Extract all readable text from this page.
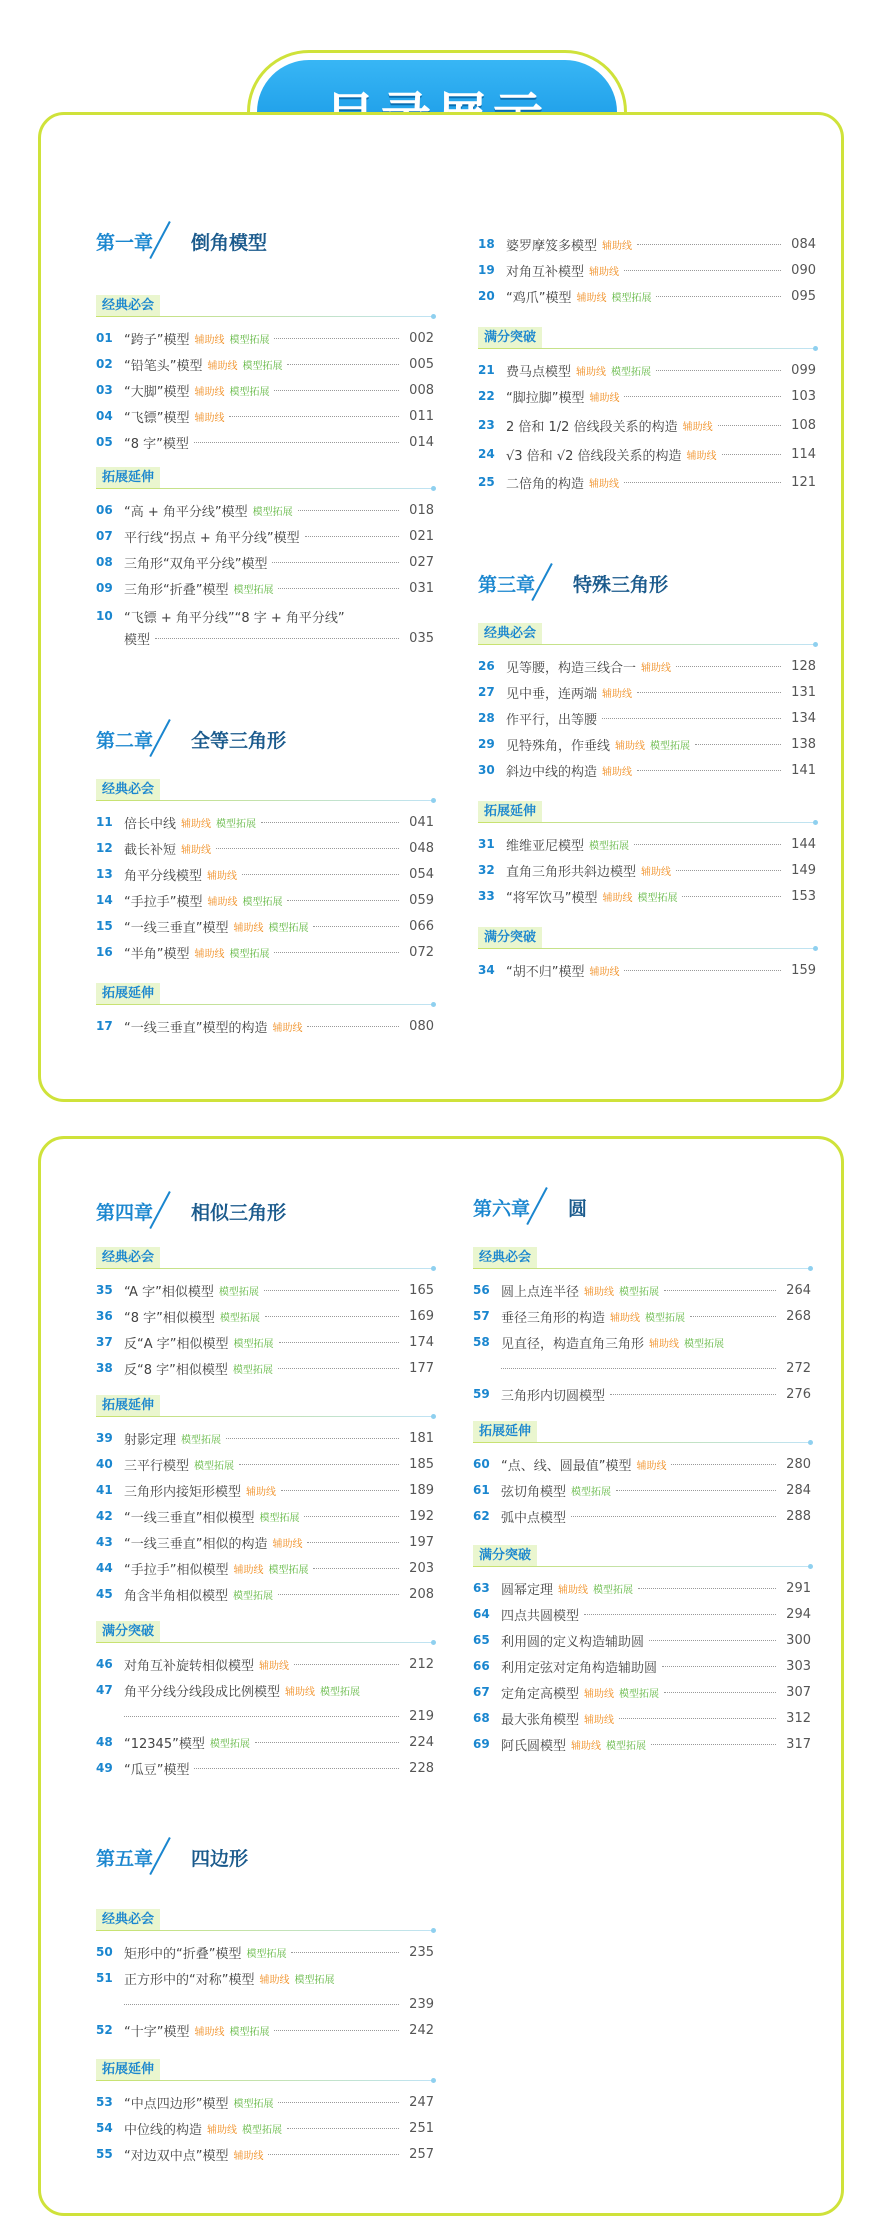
第一章 倒角模型
经典必会
01 “跨子”模型 辅助线 模型拓展	002
02 “铅笔头”模型 辅助线 模型拓展	005
03 “大脚”模型 辅助线 模型拓展	008
04 “飞镖”模型 辅助线	011
05 “8 字”模型	014
拓展延伸
06 “高 + 角平分线”模型 模型拓展	018
07 平行线“拐点 + 角平分线”模型	021
08 三角形“双角平分线”模型	027
09 三角形“折叠”模型 模型拓展	031
10 “飞镖 + 角平分线”“8 字 + 角平分线”
模型	035
第二章 全等三角形
经典必会
11 倍长中线 辅助线 模型拓展	041
12 截长补短 辅助线	048
13 角平分线模型 辅助线	054
14 “手拉手”模型 辅助线 模型拓展	059
15 “一线三垂直”模型 辅助线 模型拓展	066
16 “半角”模型 辅助线 模型拓展	072
拓展延伸
17 “一线三垂直”模型的构造 辅助线	080
18 婆罗摩笈多模型 辅助线	084
19 对角互补模型 辅助线	090
20 “鸡爪”模型 辅助线 模型拓展	095
满分突破
21 费马点模型 辅助线 模型拓展	099
22 “脚拉脚”模型 辅助线	103
23 2 倍和 1/2 倍线段关系的构造 辅助线	108
24 √3 倍和 √2 倍线段关系的构造 辅助线	114
25 二倍角的构造 辅助线	121
第三章 特殊三角形
经典必会
26 见等腰，构造三线合一 辅助线	128
27 见中垂，连两端 辅助线	131
28 作平行，出等腰	134
29 见特殊角，作垂线 辅助线 模型拓展	138
30 斜边中线的构造 辅助线	141
拓展延伸
31 维维亚尼模型 模型拓展	144
32 直角三角形共斜边模型 辅助线	149
33 “将军饮马”模型 辅助线 模型拓展	153
满分突破
34 “胡不归”模型 辅助线	159
第四章 相似三角形
经典必会
35 “A 字”相似模型 模型拓展	165
36 “8 字”相似模型 模型拓展	169
37 反“A 字”相似模型 模型拓展	174
38 反“8 字”相似模型 模型拓展	177
拓展延伸
39 射影定理 模型拓展	181
40 三平行模型 模型拓展	185
41 三角形内接矩形模型 辅助线	189
42 “一线三垂直”相似模型 模型拓展	192
43 “一线三垂直”相似的构造 辅助线	197
44 “手拉手”相似模型 辅助线 模型拓展	203
45 角含半角相似模型 模型拓展	208
满分突破
46 对角互补旋转相似模型 辅助线	212
47 角平分线分线段成比例模型 辅助线 模型拓展
219
48 “12345”模型 模型拓展	224
49 “瓜豆”模型	228
第五章 四边形
经典必会
50 矩形中的“折叠”模型 模型拓展	235
51 正方形中的“对称”模型 辅助线 模型拓展
239
52 “十字”模型 辅助线 模型拓展	242
拓展延伸
53 “中点四边形”模型 模型拓展	247
54 中位线的构造 辅助线 模型拓展	251
55 “对边双中点”模型 辅助线	257
第六章 圆
经典必会
56 圆上点连半径 辅助线 模型拓展	264
57 垂径三角形的构造 辅助线 模型拓展	268
58 见直径，构造直角三角形 辅助线 模型拓展
272
59 三角形内切圆模型	276
拓展延伸
60 “点、线、圆最值”模型 辅助线	280
61 弦切角模型 模型拓展	284
62 弧中点模型	288
满分突破
63 圆幂定理 辅助线 模型拓展	291
64 四点共圆模型	294
65 利用圆的定义构造辅助圆	300
66 利用定弦对定角构造辅助圆	303
67 定角定高模型 辅助线 模型拓展	307
68 最大张角模型 辅助线	312
69 阿氏圆模型 辅助线 模型拓展	317
